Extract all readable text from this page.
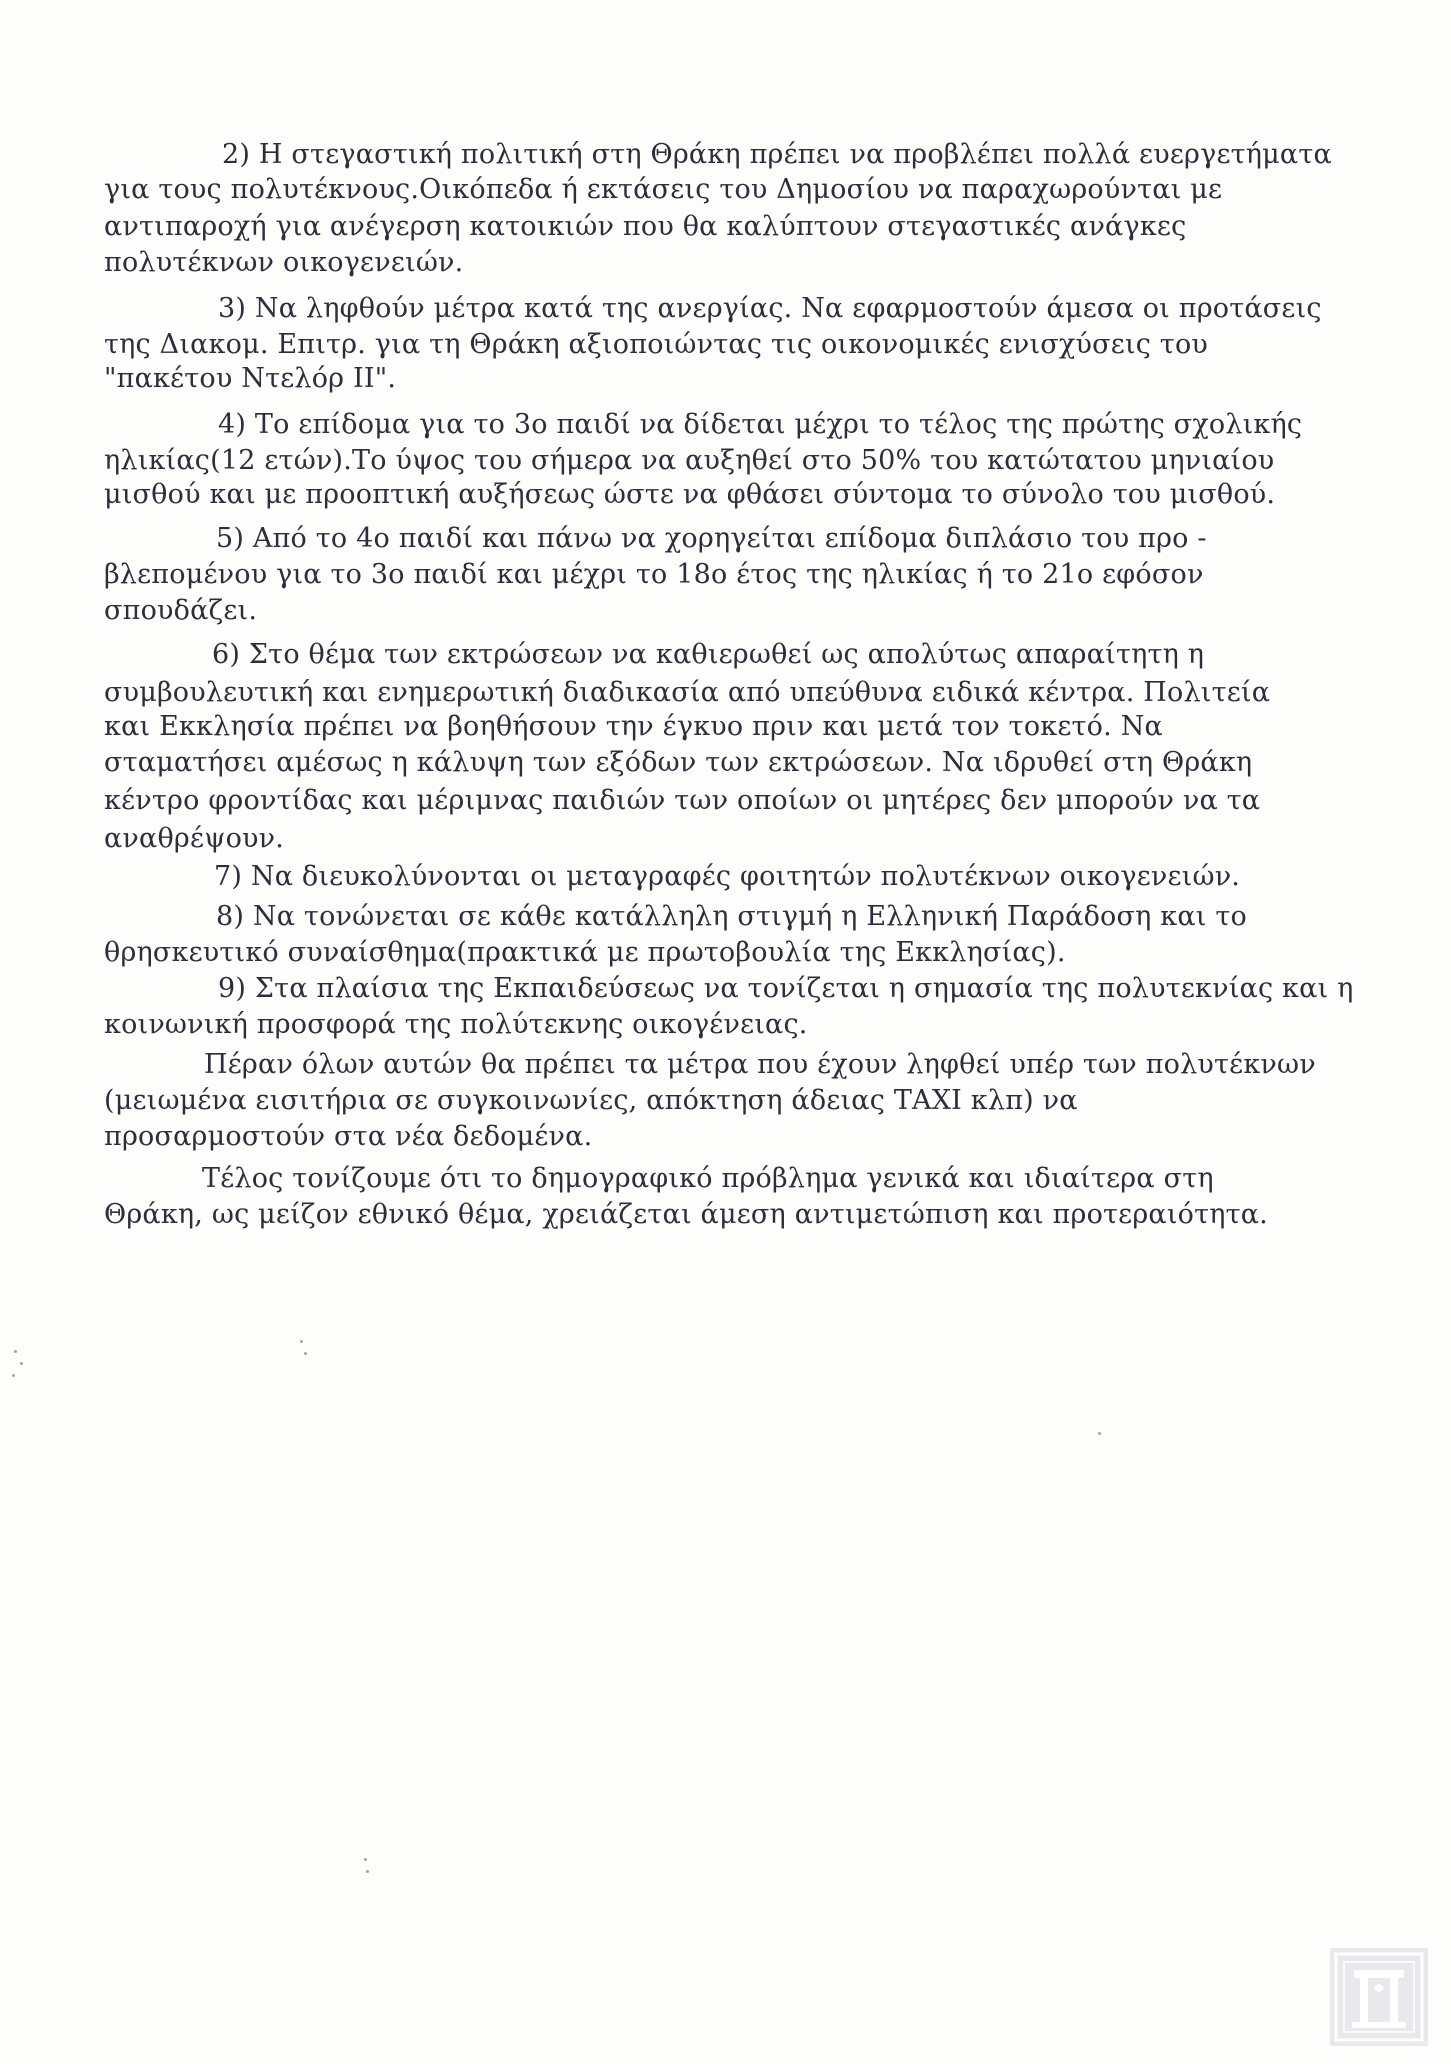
2) Η στεγαστική πολιτική στη Θράκη πρέπει να προβλέπει πολλά ευεργετήματα
για τους πολυτέκνους.Οικόπεδα ή εκτάσεις του Δημοσίου να παραχωρούνται με
αντιπαροχή για ανέγερση κατοικιών που θα καλύπτουν στεγαστικές ανάγκες
πολυτέκνων οικογενειών.
3) Να ληφθούν μέτρα κατά της ανεργίας. Να εφαρμοστούν άμεσα οι προτάσεις
της Διακομ. Επιτρ. για τη Θράκη αξιοποιώντας τις οικονομικές ενισχύσεις του
"πακέτου Ντελόρ ΙΙ".
4) Το επίδομα για το 3ο παιδί να δίδεται μέχρι το τέλος της πρώτης σχολικής
ηλικίας(12 ετών).Το ύψος του σήμερα να αυξηθεί στο 50% του κατώτατου μηνιαίου
μισθού και με προοπτική αυξήσεως ώστε να φθάσει σύντομα το σύνολο του μισθού.
5) Από το 4ο παιδί και πάνω να χορηγείται επίδομα διπλάσιο του προ -
βλεπομένου για το 3ο παιδί και μέχρι το 18ο έτος της ηλικίας ή το 21ο εφόσον
σπουδάζει.
6) Στο θέμα των εκτρώσεων να καθιερωθεί ως απολύτως απαραίτητη η
συμβουλευτική και ενημερωτική διαδικασία από υπεύθυνα ειδικά κέντρα. Πολιτεία
και Εκκλησία πρέπει να βοηθήσουν την έγκυο πριν και μετά τον τοκετό. Να
σταματήσει αμέσως η κάλυψη των εξόδων των εκτρώσεων. Να ιδρυθεί στη Θράκη
κέντρο φροντίδας και μέριμνας παιδιών των οποίων οι μητέρες δεν μπορούν να τα
αναθρέψουν.
7) Να διευκολύνονται οι μεταγραφές φοιτητών πολυτέκνων οικογενειών.
8) Να τονώνεται σε κάθε κατάλληλη στιγμή η Ελληνική Παράδοση και το
θρησκευτικό συναίσθημα(πρακτικά με πρωτοβουλία της Εκκλησίας).
9) Στα πλαίσια της Εκπαιδεύσεως να τονίζεται η σημασία της πολυτεκνίας και η
κοινωνική προσφορά της πολύτεκνης οικογένειας.
Πέραν όλων αυτών θα πρέπει τα μέτρα που έχουν ληφθεί υπέρ των πολυτέκνων
(μειωμένα εισιτήρια σε συγκοινωνίες, απόκτηση άδειας ΤΑΧΙ κλπ) να
προσαρμοστούν στα νέα δεδομένα.
Τέλος τονίζουμε ότι το δημογραφικό πρόβλημα γενικά και ιδιαίτερα στη
Θράκη, ως μείζον εθνικό θέμα, χρειάζεται άμεση αντιμετώπιση και προτεραιότητα.
